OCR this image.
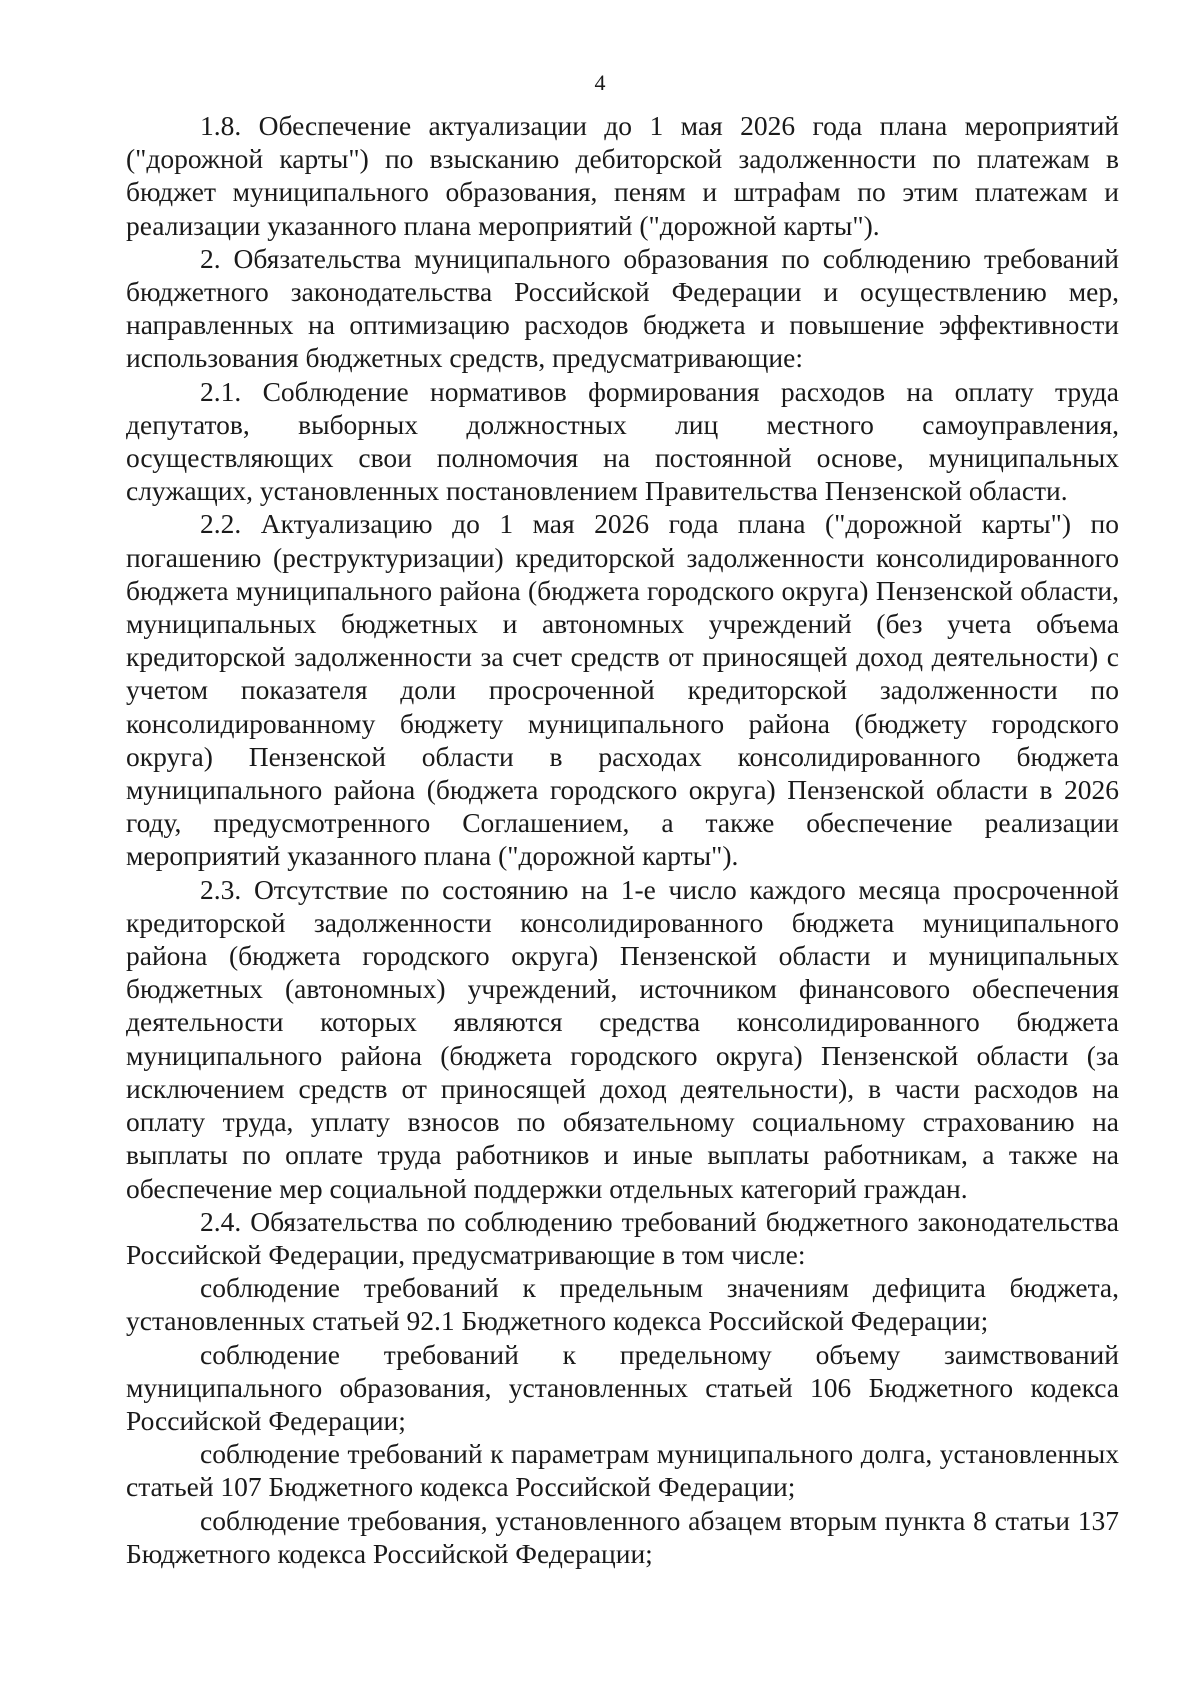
4

1.8. Обеспечение актуализации до 1 мая 2026 года плана мероприятий ("дорожной карты") по взысканию дебиторской задолженности по платежам в бюджет муниципального образования, пеням и штрафам по этим платежам и реализации указанного плана мероприятий ("дорожной карты").

2. Обязательства муниципального образования по соблюдению требований бюджетного законодательства Российской Федерации и осуществлению мер, направленных на оптимизацию расходов бюджета и повышение эффективности использования бюджетных средств, предусматривающие:

2.1. Соблюдение нормативов формирования расходов на оплату труда депутатов, выборных должностных лиц местного самоуправления, осуществляющих свои полномочия на постоянной основе, муниципальных служащих, установленных постановлением Правительства Пензенской области.

2.2. Актуализацию до 1 мая 2026 года плана ("дорожной карты") по погашению (реструктуризации) кредиторской задолженности консолидированного бюджета муниципального района (бюджета городского округа) Пензенской области, муниципальных бюджетных и автономных учреждений (без учета объема кредиторской задолженности за счет средств от приносящей доход деятельности) с учетом показателя доли просроченной кредиторской задолженности по консолидированному бюджету муниципального района (бюджету городского округа) Пензенской области в расходах консолидированного бюджета муниципального района (бюджета городского округа) Пензенской области в 2026 году, предусмотренного Соглашением, а также обеспечение реализации мероприятий указанного плана ("дорожной карты").

2.3. Отсутствие по состоянию на 1-е число каждого месяца просроченной кредиторской задолженности консолидированного бюджета муниципального района (бюджета городского округа) Пензенской области и муниципальных бюджетных (автономных) учреждений, источником финансового обеспечения деятельности которых являются средства консолидированного бюджета муниципального района (бюджета городского округа) Пензенской области (за исключением средств от приносящей доход деятельности), в части расходов на оплату труда, уплату взносов по обязательному социальному страхованию на выплаты по оплате труда работников и иные выплаты работникам, а также на обеспечение мер социальной поддержки отдельных категорий граждан.

2.4. Обязательства по соблюдению требований бюджетного законодательства Российской Федерации, предусматривающие в том числе:

соблюдение требований к предельным значениям дефицита бюджета, установленных статьей 92.1 Бюджетного кодекса Российской Федерации;

соблюдение требований к предельному объему заимствований муниципального образования, установленных статьей 106 Бюджетного кодекса Российской Федерации;

соблюдение требований к параметрам муниципального долга, установленных статьей 107 Бюджетного кодекса Российской Федерации;

соблюдение требования, установленного абзацем вторым пункта 8 статьи 137 Бюджетного кодекса Российской Федерации;
